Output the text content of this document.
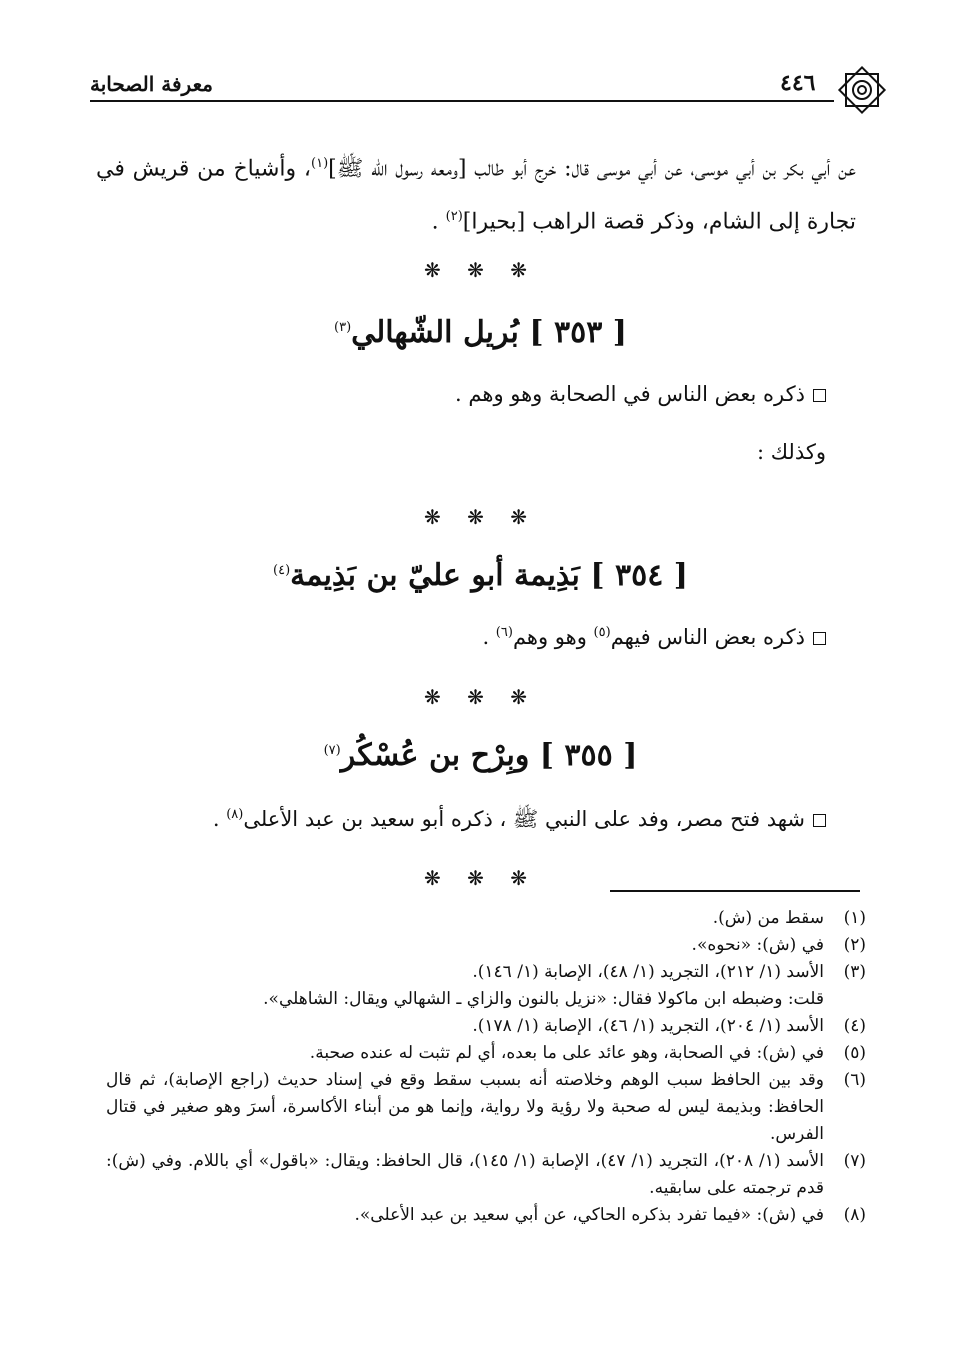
معرفة الصحابة	٤٤٦
عن أبي بكر بن أبي موسى، عن أبي موسى قال: خرج أبو طالب [ومعه رسول الله ﷺ]$^{(١)}$، وأشياخ من قريش في تجارة إلى الشام، وذكر قصة الراهب [بحيرا]$^{(٢)}$ .
❋ ❋ ❋
[ ٣٥٣ ] بُريل الشّهالي$^{(٣)}$
ذكره بعض الناس في الصحابة وهو وهم .
وكذلك :
❋ ❋ ❋
[ ٣٥٤ ] بَذِيمة أبو عليّ بن بَذِيمة$^{(٤)}$
ذكره بعض الناس فيهم$^{(٥)}$ وهو وهم$^{(٦)}$ .
❋ ❋ ❋
[ ٣٥٥ ] وبِرْح بن عُسْكُر$^{(٧)}$
شهد فتح مصر، وفد على النبي ﷺ ، ذكره أبو سعيد بن عبد الأعلى$^{(٨)}$ .
❋ ❋ ❋
(١)
سقط من (ش).
(٢)
في (ش): «نحوه».
(٣)
الأسد (١/ ٢١٢)، التجريد (١/ ٤٨)، الإصابة (١/ ١٤٦).
قلت: وضبطه ابن ماكولا فقال: «نزيل بالنون والزاي ـ الشهالي ويقال: الشاهلي».
(٤)
الأسد (١/ ٢٠٤)، التجريد (١/ ٤٦)، الإصابة (١/ ١٧٨).
(٥)
في (ش): في الصحابة، وهو عائد على ما بعده، أي لم تثبت له عنده صحبة.
(٦)
وقد بين الحافظ سبب الوهم وخلاصته أنه بسبب سقط وقع في إسناد حديث (راجع الإصابة)، ثم قال الحافظ: وبذيمة ليس له صحبة ولا رؤية ولا رواية، وإنما هو من أبناء الأكاسرة، أسرَ وهو صغير في قتال الفرس.
(٧)
الأسد (١/ ٢٠٨)، التجريد (١/ ٤٧)، الإصابة (١/ ١٤٥)، قال الحافظ: ويقال: «باقول» أي باللام. وفي (ش): قدم ترجمته على سابقيه.
(٨)
في (ش): «فيما تفرد بذكره الحاكي، عن أبي سعيد بن عبد الأعلى».
